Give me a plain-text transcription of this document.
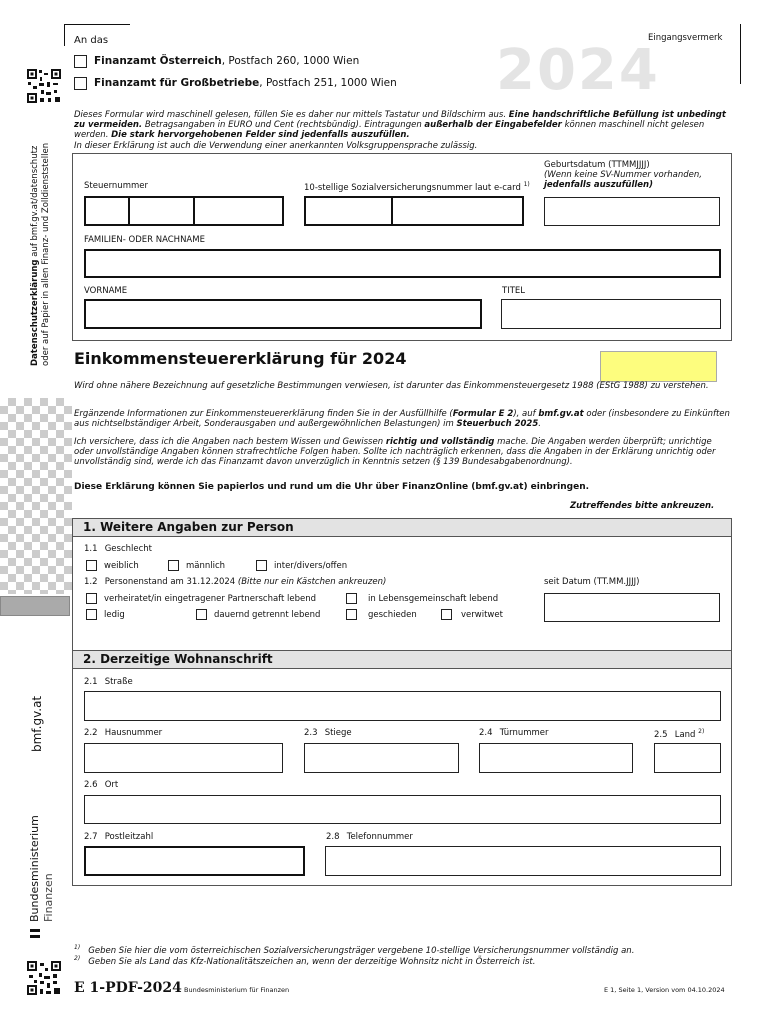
Datenschutzerklärung auf bmf.gv.at/datenschutz oder auf Papier in allen Finanz- und Zolldienststellen
bmf.gv.at
Bundesministerium Finanzen
An das	Eingangsvermerk
2024
Finanzamt Österreich, Postfach 260, 1000 Wien
Finanzamt für Großbetriebe, Postfach 251, 1000 Wien
Dieses Formular wird maschinell gelesen, füllen Sie es daher nur mittels Tastatur und Bildschirm aus. Eine handschriftliche Befüllung ist unbedingt zu vermeiden. Betragsangaben in EURO und Cent (rechtsbündig). Eintragungen außerhalb der Eingabefelder können maschinell nicht gelesen werden. Die stark hervorgehobenen Felder sind jedenfalls auszufüllen.
In dieser Erklärung ist auch die Verwendung einer anerkannten Volksgruppensprache zulässig.
Steuernummer	10-stellige Sozialversicherungsnummer laut e-card $^{1)}$
Geburtsdatum (TTMMJJJJ)
(Wenn keine SV-Nummer vorhanden,
jedenfalls auszufüllen)
FAMILIEN- ODER NACHNAME
VORNAME	TITEL
Einkommensteuererklärung für 2024
Wird ohne nähere Bezeichnung auf gesetzliche Bestimmungen verwiesen, ist darunter das Einkommensteuergesetz 1988 (EStG 1988) zu verstehen.
Ergänzende Informationen zur Einkommensteuererklärung finden Sie in der Ausfüllhilfe (Formular E 2), auf bmf.gv.at oder (insbesondere zu Einkünften aus nichtselbständiger Arbeit, Sonderausgaben und außergewöhnlichen Belastungen) im Steuerbuch 2025.
Ich versichere, dass ich die Angaben nach bestem Wissen und Gewissen richtig und vollständig mache. Die Angaben werden überprüft; unrichtige oder unvollständige Angaben können strafrechtliche Folgen haben. Sollte ich nachträglich erkennen, dass die Angaben in der Erklärung unrichtig oder unvollständig sind, werde ich das Finanzamt davon unverzüglich in Kenntnis setzen (§ 139 Bundesabgabenordnung).
Diese Erklärung können Sie papierlos und rund um die Uhr über FinanzOnline (bmf.gv.at) einbringen.
Zutreffendes bitte ankreuzen.
1. Weitere Angaben zur Person
1.1 Geschlecht
weiblich	männlich	inter/divers/offen
1.2 Personenstand am 31.12.2024 (Bitte nur ein Kästchen ankreuzen)	seit Datum (TT.MM.JJJJ)
verheiratet/in eingetragener Partnerschaft lebend	in Lebensgemeinschaft lebend
ledig	dauernd getrennt lebend	geschieden	verwitwet
2. Derzeitige Wohnanschrift
2.1 Straße
2.2 Hausnummer	2.3 Stiege	2.4 Türnummer	2.5 Land $^{2)}$
2.6 Ort
2.7 Postleitzahl	2.8 Telefonnummer
$^{1)}$ Geben Sie hier die vom österreichischen Sozialversicherungsträger vergebene 10-stellige Versicherungsnummer vollständig an.
$^{2)}$ Geben Sie als Land das Kfz-Nationalitätszeichen an, wenn der derzeitige Wohnsitz nicht in Österreich ist.
E 1-PDF-2024 Bundesministerium für Finanzen	E 1, Seite 1, Version vom 04.10.2024
